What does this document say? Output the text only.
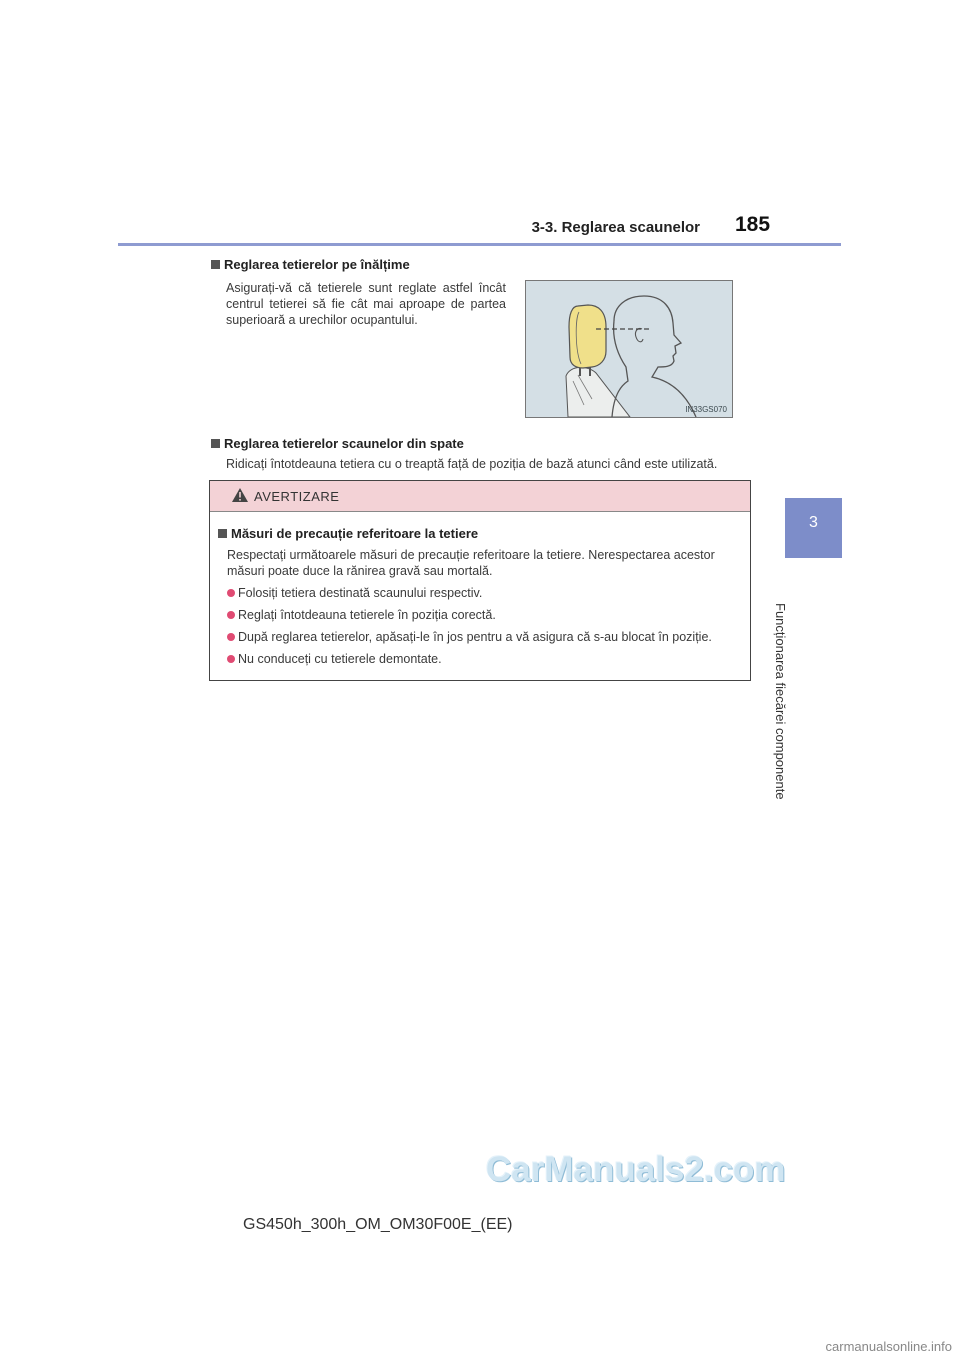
3-3. Reglarea scaunelor 185
3
Funcționarea fiecărei componente
Reglarea tetierelor pe înălțime
Asigurați-vă că tetierele sunt reglate astfel încât centrul tetierei să fie cât mai aproape de partea superioară a urechilor ocupantului.
IN33GS070
Reglarea tetierelor scaunelor din spate
Ridicați întotdeauna tetiera cu o treaptă față de poziția de bază atunci când este utilizată.
AVERTIZARE
Măsuri de precauție referitoare la tetiere
Respectați următoarele măsuri de precauție referitoare la tetiere. Nerespectarea acestor măsuri poate duce la rănirea gravă sau mortală.
Folosiți tetiera destinată scaunului respectiv.
Reglați întotdeauna tetierele în poziția corectă.
După reglarea tetierelor, apăsați-le în jos pentru a vă asigura că s-au blocat în poziție.
Nu conduceți cu tetierele demontate.
CarManuals2.com
GS450h_300h_OM_OM30F00E_(EE)
carmanualsonline.info
